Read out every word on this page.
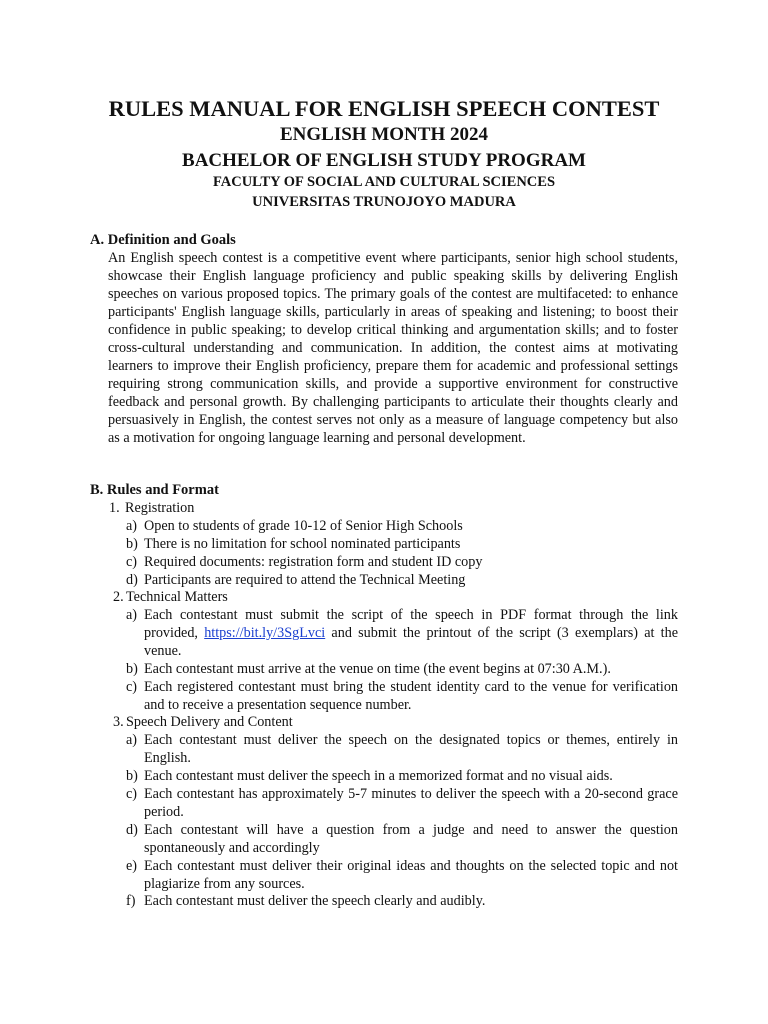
RULES MANUAL FOR ENGLISH SPEECH CONTEST
ENGLISH MONTH 2024
BACHELOR OF ENGLISH STUDY PROGRAM
FACULTY OF SOCIAL AND CULTURAL SCIENCES
UNIVERSITAS TRUNOJOYO MADURA
A. Definition and Goals
An English speech contest is a competitive event where participants, senior high school students, showcase their English language proficiency and public speaking skills by delivering English speeches on various proposed topics. The primary goals of the contest are multifaceted: to enhance participants' English language skills, particularly in areas of speaking and listening; to boost their confidence in public speaking; to develop critical thinking and argumentation skills; and to foster cross-cultural understanding and communication. In addition, the contest aims at motivating learners to improve their English proficiency, prepare them for academic and professional settings requiring strong communication skills, and provide a supportive environment for constructive feedback and personal growth. By challenging participants to articulate their thoughts clearly and persuasively in English, the contest serves not only as a measure of language competency but also as a motivation for ongoing language learning and personal development.
B. Rules and Format
1. Registration
a) Open to students of grade 10-12 of Senior High Schools
b) There is no limitation for school nominated participants
c) Required documents: registration form and student ID copy
d) Participants are required to attend the Technical Meeting
2. Technical Matters
a) Each contestant must submit the script of the speech in PDF format through the link provided, https://bit.ly/3SgLvci and submit the printout of the script (3 exemplars) at the venue.
b) Each contestant must arrive at the venue on time (the event begins at 07:30 A.M.).
c) Each registered contestant must bring the student identity card to the venue for verification and to receive a presentation sequence number.
3. Speech Delivery and Content
a) Each contestant must deliver the speech on the designated topics or themes, entirely in English.
b) Each contestant must deliver the speech in a memorized format and no visual aids.
c) Each contestant has approximately 5-7 minutes to deliver the speech with a 20-second grace period.
d) Each contestant will have a question from a judge and need to answer the question spontaneously and accordingly
e) Each contestant must deliver their original ideas and thoughts on the selected topic and not plagiarize from any sources.
f) Each contestant must deliver the speech clearly and audibly.
